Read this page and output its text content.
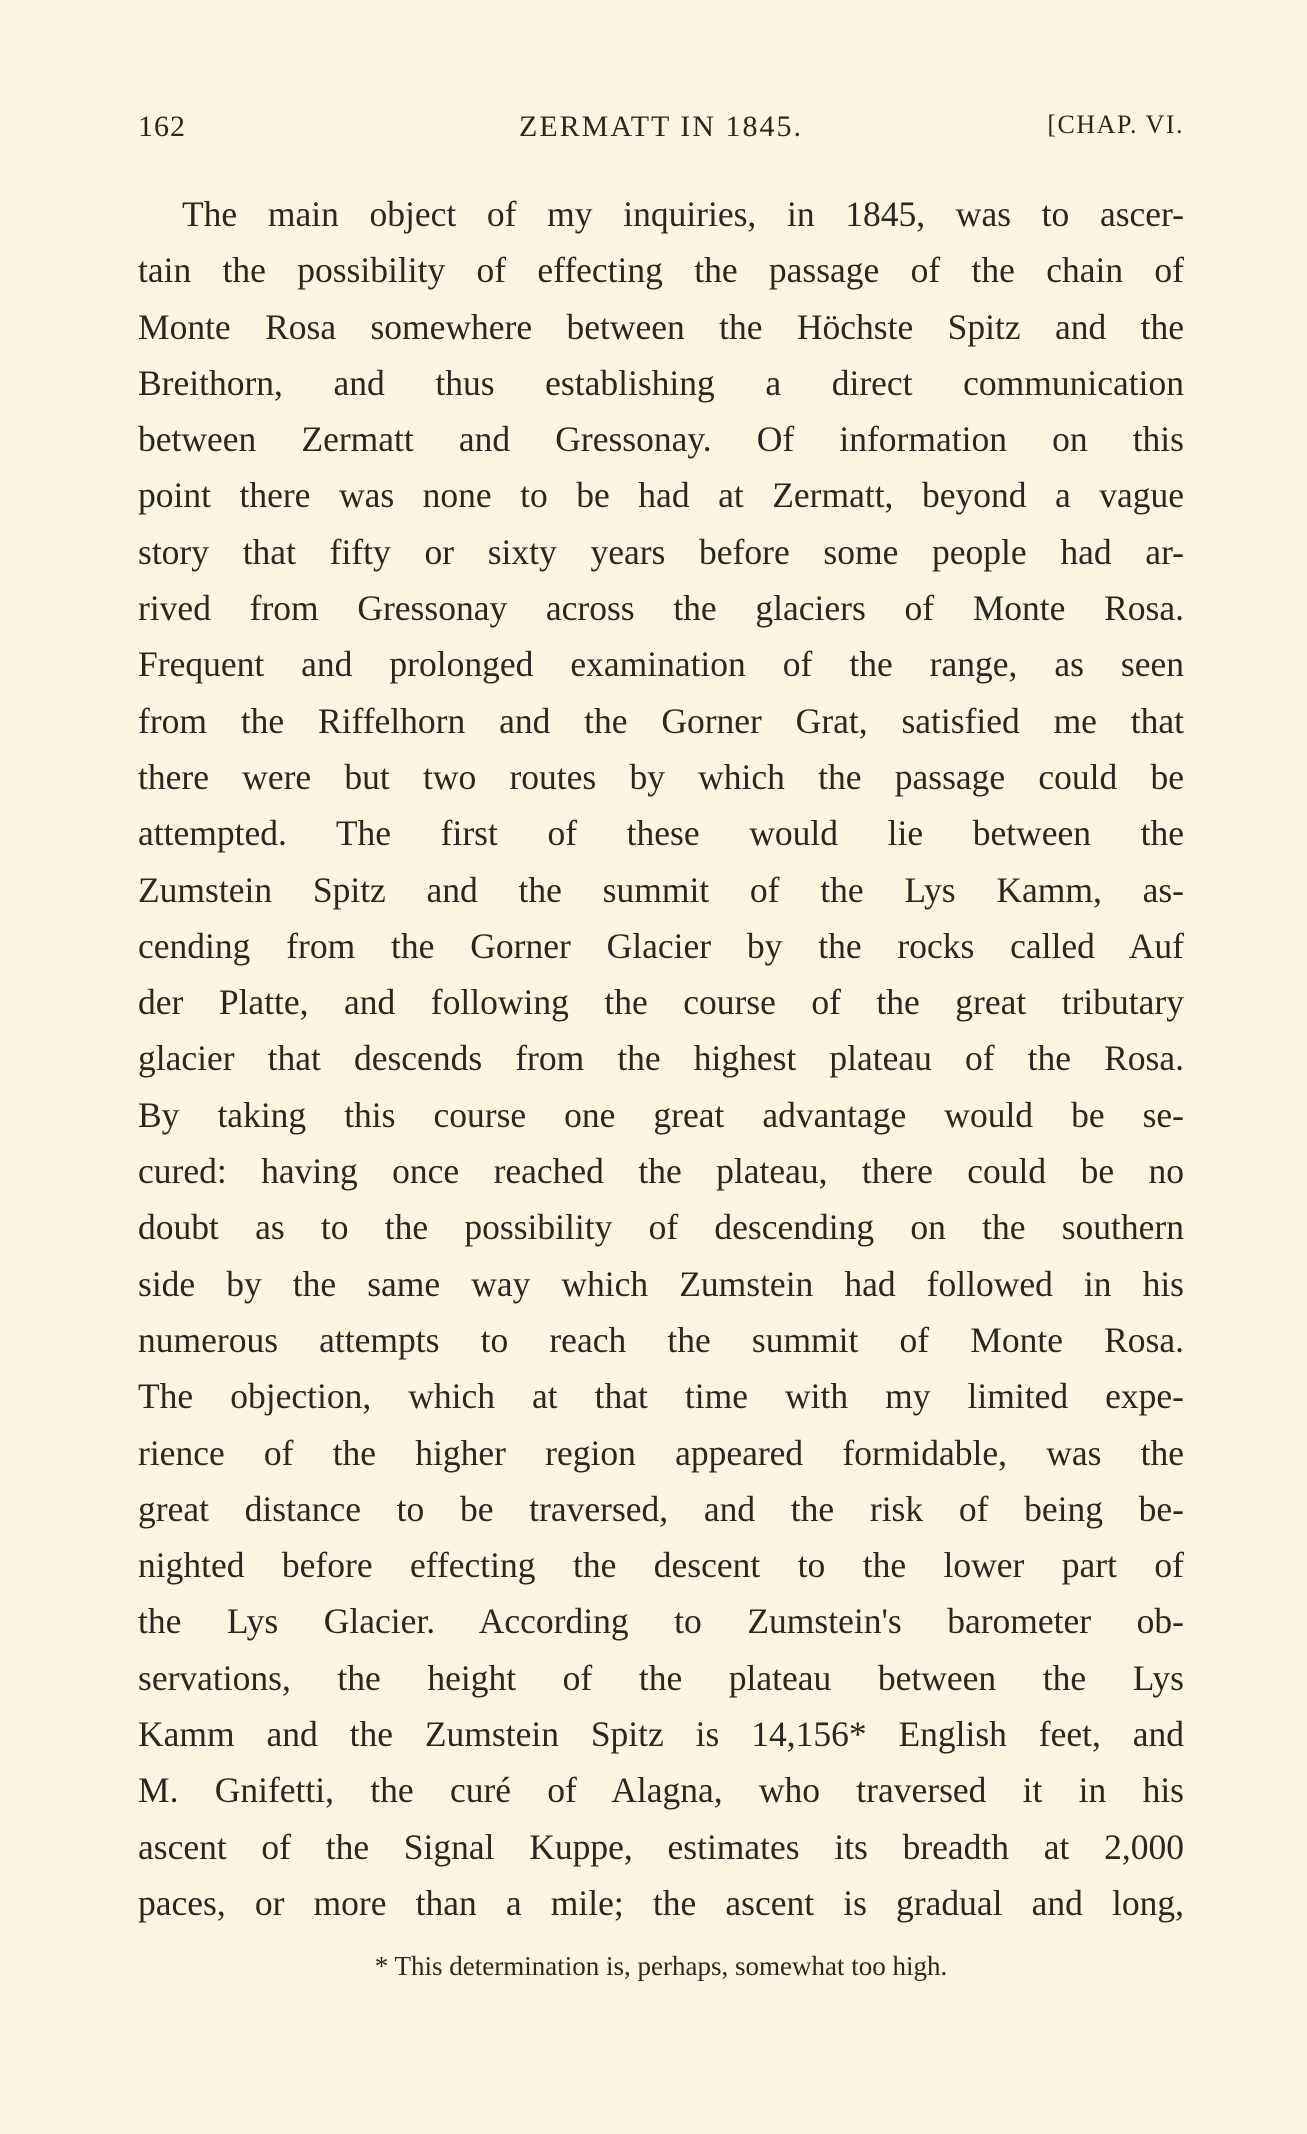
162	ZERMATT IN 1845.	[CHAP. VI.
The main object of my inquiries, in 1845, was to ascer-
tain the possibility of effecting the passage of the chain of
Monte Rosa somewhere between the Höchste Spitz and the
Breithorn, and thus establishing a direct communication
between Zermatt and Gressonay. Of information on this
point there was none to be had at Zermatt, beyond a vague
story that fifty or sixty years before some people had ar-
rived from Gressonay across the glaciers of Monte Rosa.
Frequent and prolonged examination of the range, as seen
from the Riffelhorn and the Gorner Grat, satisfied me that
there were but two routes by which the passage could be
attempted. The first of these would lie between the
Zumstein Spitz and the summit of the Lys Kamm, as-
cending from the Gorner Glacier by the rocks called Auf
der Platte, and following the course of the great tributary
glacier that descends from the highest plateau of the Rosa.
By taking this course one great advantage would be se-
cured: having once reached the plateau, there could be no
doubt as to the possibility of descending on the southern
side by the same way which Zumstein had followed in his
numerous attempts to reach the summit of Monte Rosa.
The objection, which at that time with my limited expe-
rience of the higher region appeared formidable, was the
great distance to be traversed, and the risk of being be-
nighted before effecting the descent to the lower part of
the Lys Glacier. According to Zumstein's barometer ob-
servations, the height of the plateau between the Lys
Kamm and the Zumstein Spitz is 14,156* English feet, and
M. Gnifetti, the curé of Alagna, who traversed it in his
ascent of the Signal Kuppe, estimates its breadth at 2,000
paces, or more than a mile; the ascent is gradual and long,
* This determination is, perhaps, somewhat too high.
